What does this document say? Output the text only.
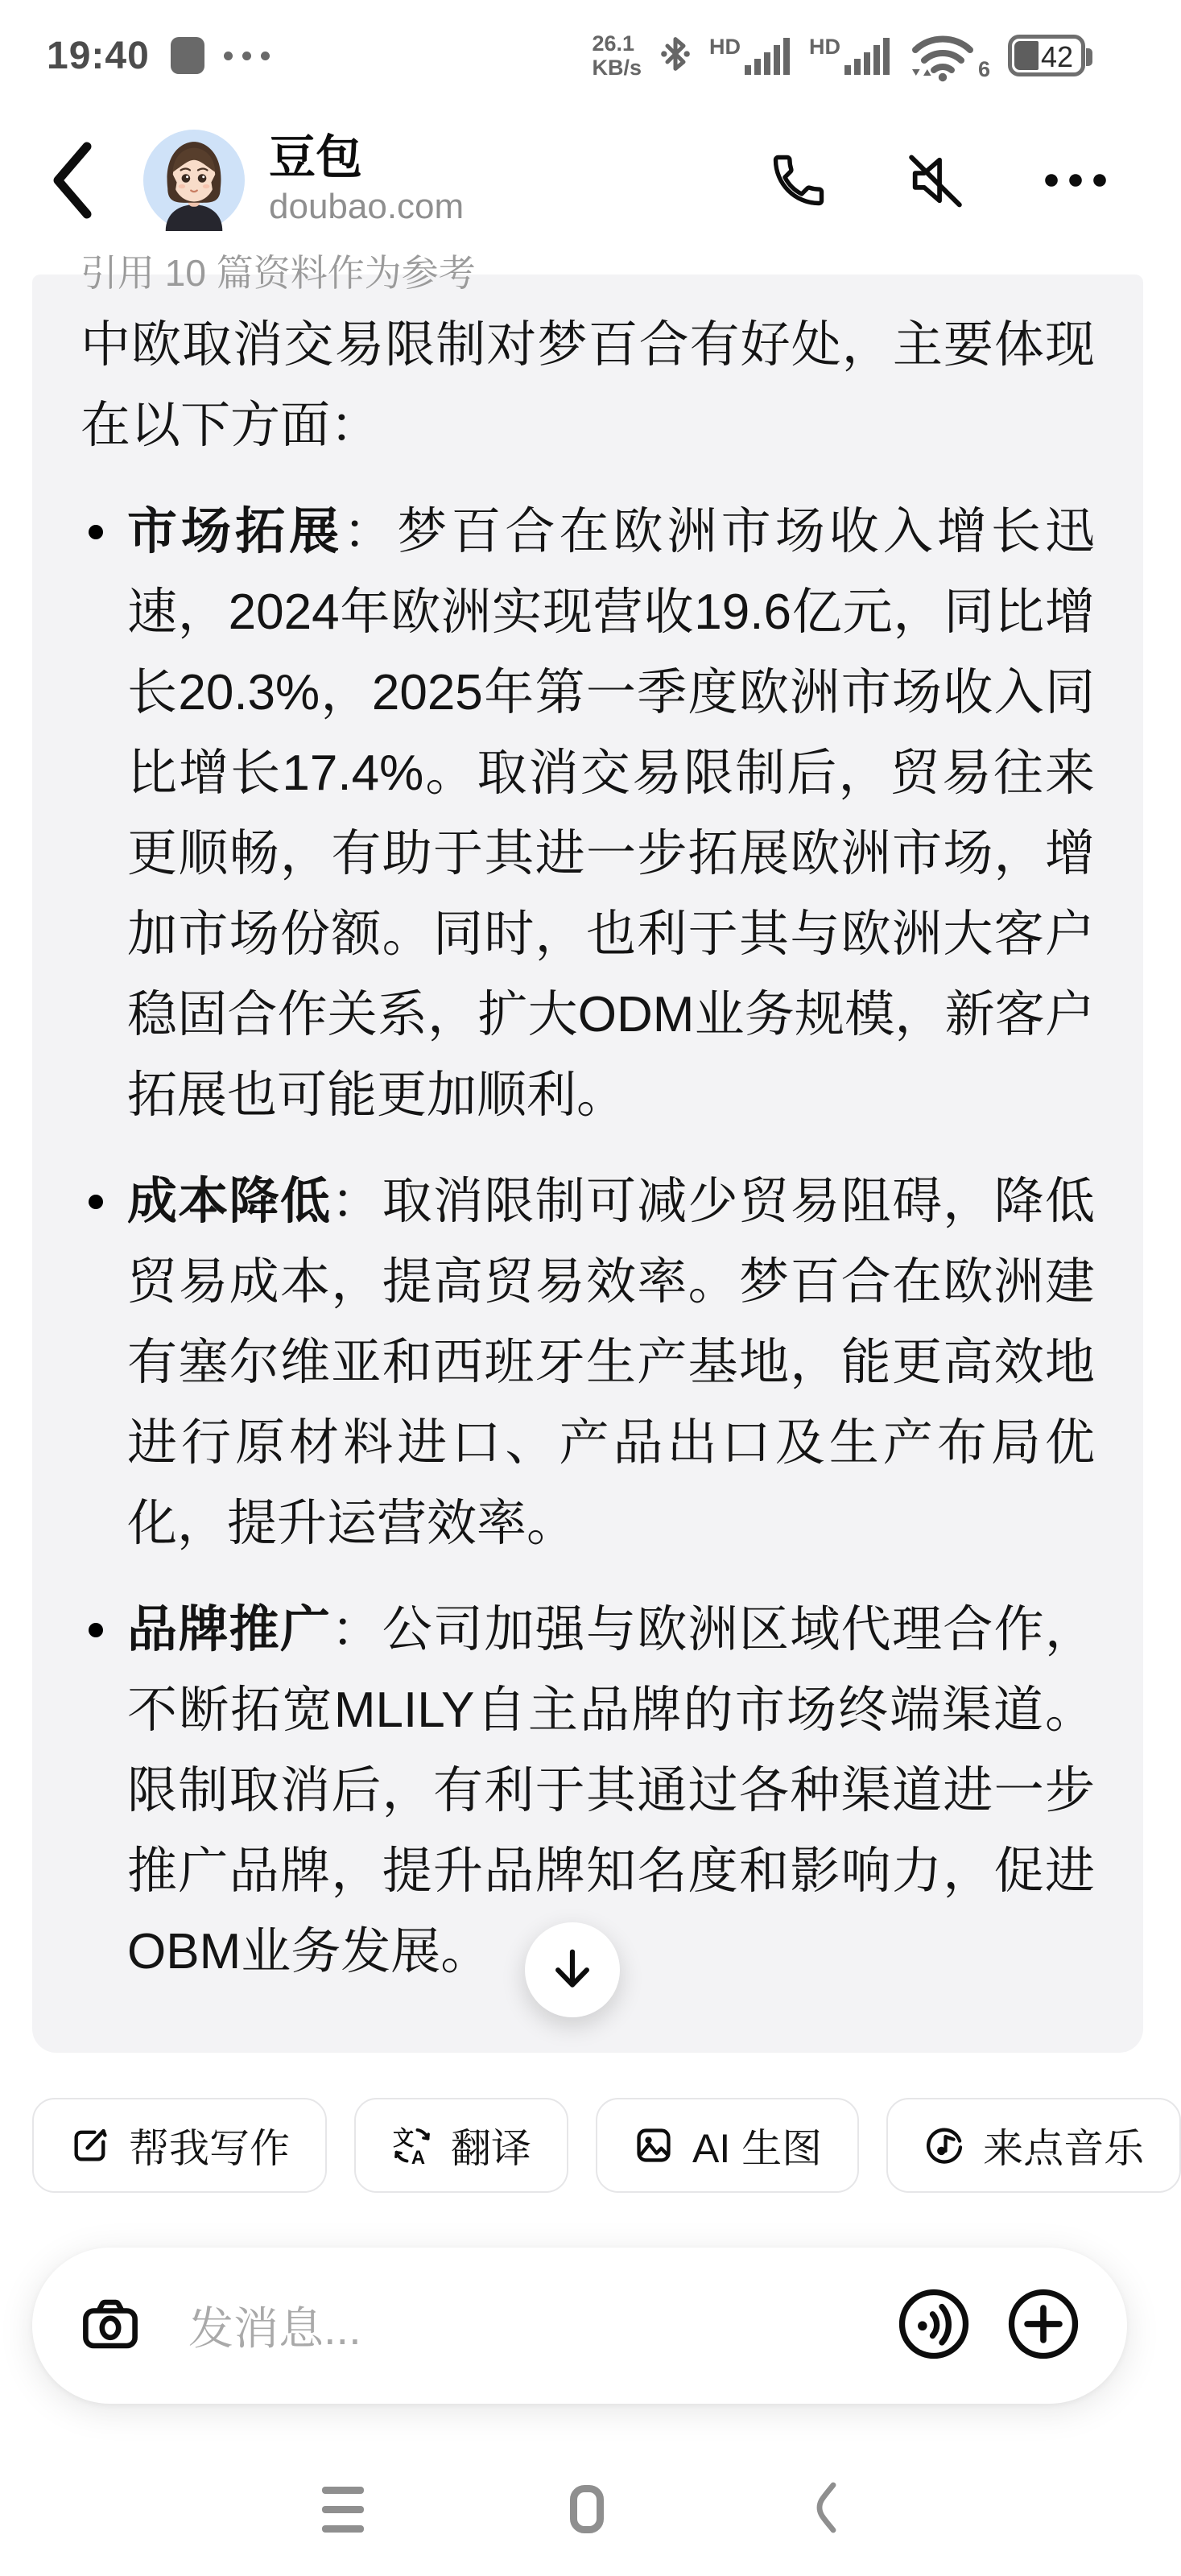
19:40	26.1
KB/s
HD	HD
6 42
豆包
doubao.com
引用 10 篇资料作为参考
中欧取消交易限制对梦百合有好处，主要体现在以下方面：
市场拓展：梦百合在欧洲市场收入增长迅速，2024年欧洲实现营收19.6亿元，同比增长20.3%，2025年第一季度欧洲市场收入同比增长17.4%。取消交易限制后，贸易往来更顺畅，有助于其进一步拓展欧洲市场，增加市场份额。同时，也利于其与欧洲大客户稳固合作关系，扩大ODM业务规模，新客户拓展也可能更加顺利。
成本降低：取消限制可减少贸易阻碍，降低贸易成本，提高贸易效率。梦百合在欧洲建有塞尔维亚和西班牙生产基地，能更高效地进行原材料进口、产品出口及生产布局优化，提升运营效率。
品牌推广：公司加强与欧洲区域代理合作，不断拓宽MLILY自主品牌的市场终端渠道。限制取消后，有利于其通过各种渠道进一步推广品牌，提升品牌知名度和影响力，促进OBM业务发展。
帮我写作	文
A 翻译	AI 生图	来点音乐
发消息...
